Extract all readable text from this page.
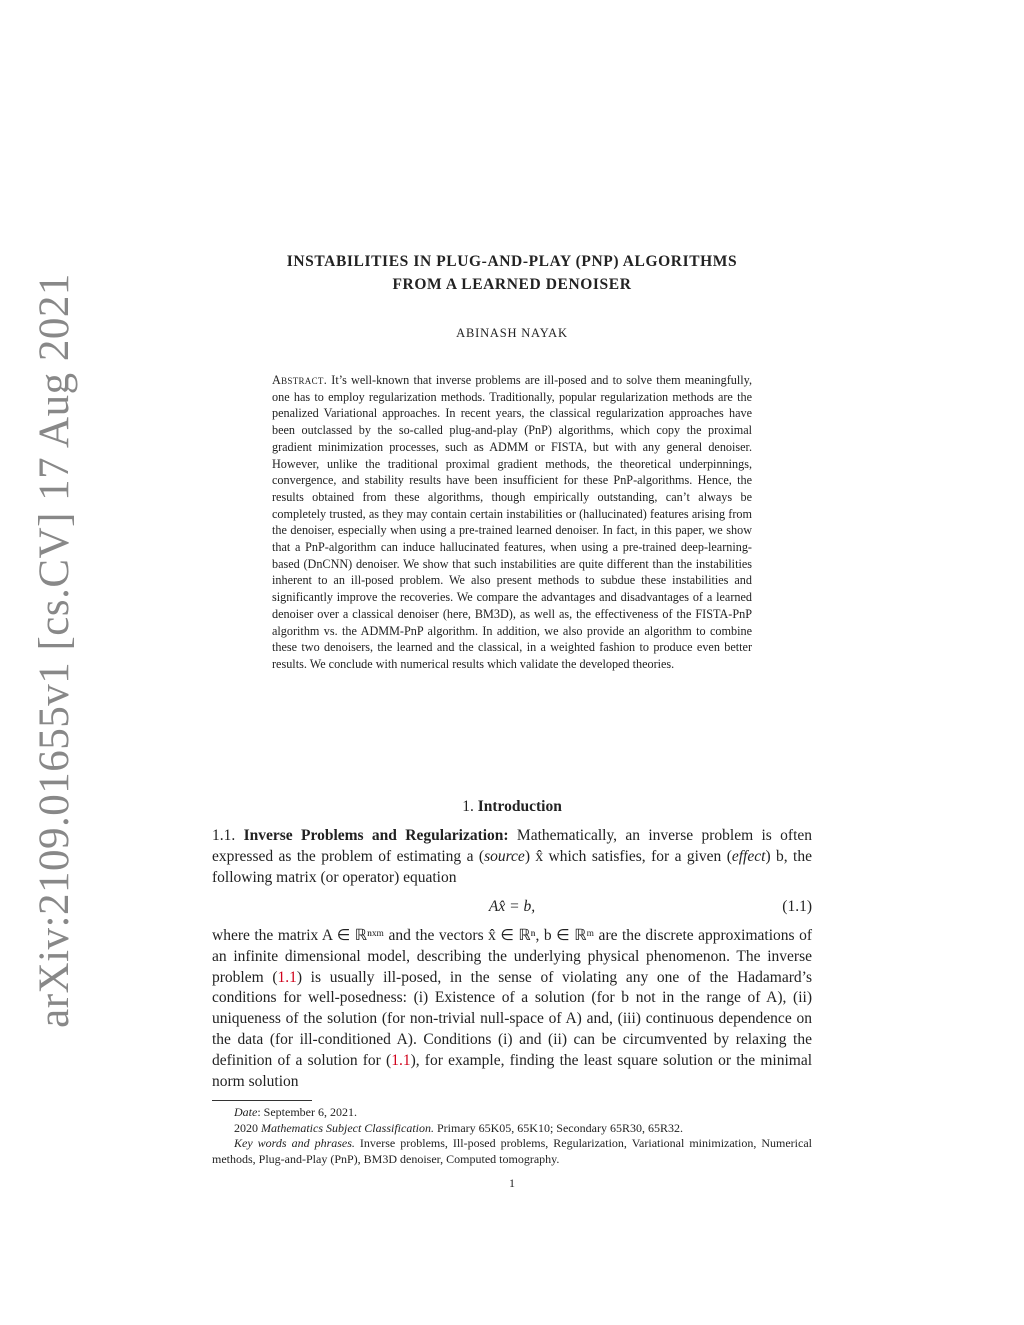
arXiv:2109.01655v1 [cs.CV] 17 Aug 2021
INSTABILITIES IN PLUG-AND-PLAY (PNP) ALGORITHMS
FROM A LEARNED DENOISER
ABINASH NAYAK
Abstract. It’s well-known that inverse problems are ill-posed and to solve them meaningfully, one has to employ regularization methods. Traditionally, popular regularization methods are the penalized Variational approaches. In recent years, the classical regularization approaches have been outclassed by the so-called plug-and-play (PnP) algorithms, which copy the proximal gradient minimization processes, such as ADMM or FISTA, but with any general denoiser. However, unlike the traditional proximal gradient methods, the theoretical underpinnings, convergence, and stability results have been insufficient for these PnP-algorithms. Hence, the results obtained from these algorithms, though empirically outstanding, can’t always be completely trusted, as they may contain certain instabilities or (hallucinated) features arising from the denoiser, especially when using a pre-trained learned denoiser. In fact, in this paper, we show that a PnP-algorithm can induce hallucinated features, when using a pre-trained deep-learning-based (DnCNN) denoiser. We show that such instabilities are quite different than the instabilities inherent to an ill-posed problem. We also present methods to subdue these instabilities and significantly improve the recoveries. We compare the advantages and disadvantages of a learned denoiser over a classical denoiser (here, BM3D), as well as, the effectiveness of the FISTA-PnP algorithm vs. the ADMM-PnP algorithm. In addition, we also provide an algorithm to combine these two denoisers, the learned and the classical, in a weighted fashion to produce even better results. We conclude with numerical results which validate the developed theories.
1. Introduction
1.1. Inverse Problems and Regularization: Mathematically, an inverse problem is often expressed as the problem of estimating a (source) x̂ which satisfies, for a given (effect) b, the following matrix (or operator) equation
Ax̂ = b,	(1.1)
where the matrix A ∈ ℝⁿˣᵐ and the vectors x̂ ∈ ℝⁿ, b ∈ ℝᵐ are the discrete approximations of an infinite dimensional model, describing the underlying physical phenomenon. The inverse problem (1.1) is usually ill-posed, in the sense of violating any one of the Hadamard’s conditions for well-posedness: (i) Existence of a solution (for b not in the range of A), (ii) uniqueness of the solution (for non-trivial null-space of A) and, (iii) continuous dependence on the data (for ill-conditioned A). Conditions (i) and (ii) can be circumvented by relaxing the definition of a solution for (1.1), for example, finding the least square solution or the minimal norm solution

Date: September 6, 2021.

2020 Mathematics Subject Classification. Primary 65K05, 65K10; Secondary 65R30, 65R32.

Key words and phrases. Inverse problems, Ill-posed problems, Regularization, Variational minimization, Numerical methods, Plug-and-Play (PnP), BM3D denoiser, Computed tomography.

1
